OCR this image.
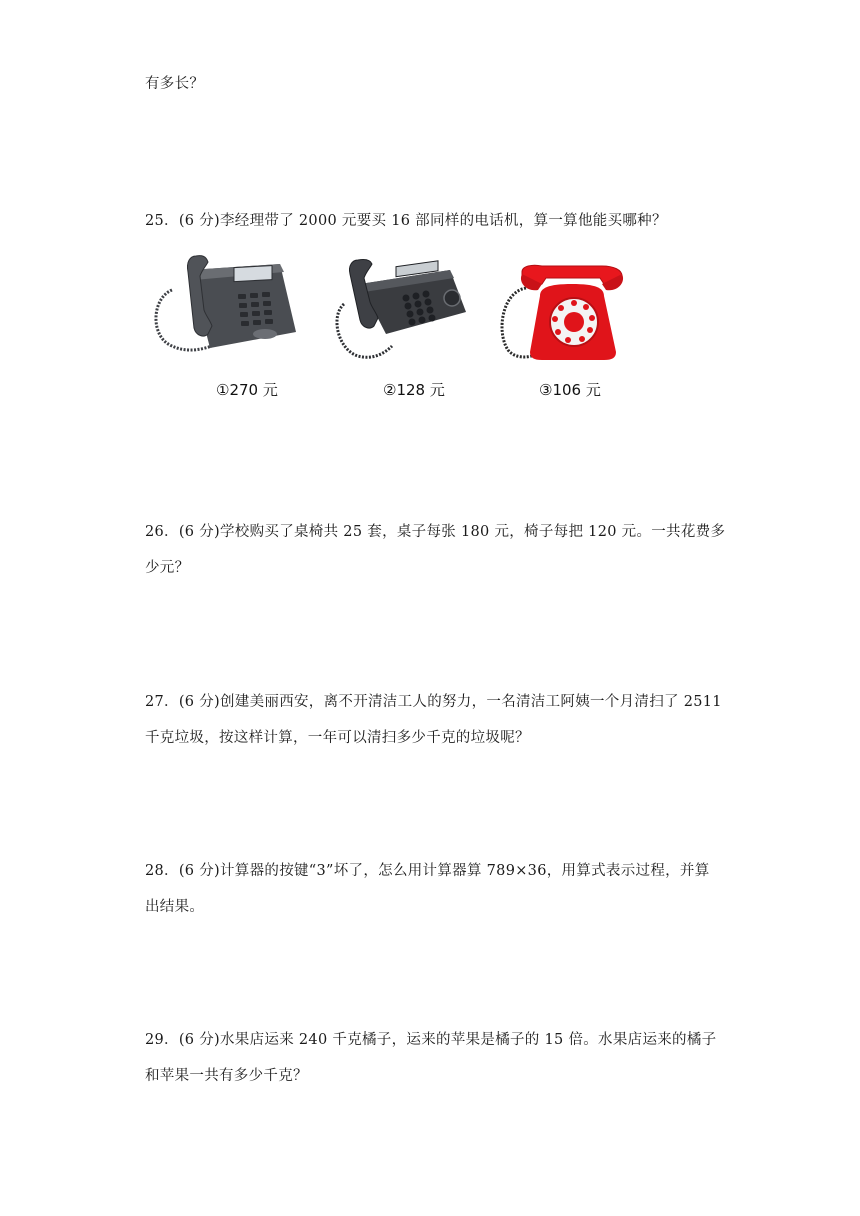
有多长？
25．(6 分)李经理带了 2000 元要买 16 部同样的电话机，算一算他能买哪种？
①270 元	②128 元	③106 元
26．(6 分)学校购买了桌椅共 25 套，桌子每张 180 元，椅子每把 120 元。一共花费多
少元？
27．(6 分)创建美丽西安，离不开清洁工人的努力，一名清洁工阿姨一个月清扫了 2511
千克垃圾，按这样计算，一年可以清扫多少千克的垃圾呢？
28．(6 分)计算器的按键“3”坏了，怎么用计算器算 789×36，用算式表示过程，并算
出结果。
29．(6 分)水果店运来 240 千克橘子，运来的苹果是橘子的 15 倍。水果店运来的橘子
和苹果一共有多少千克？
